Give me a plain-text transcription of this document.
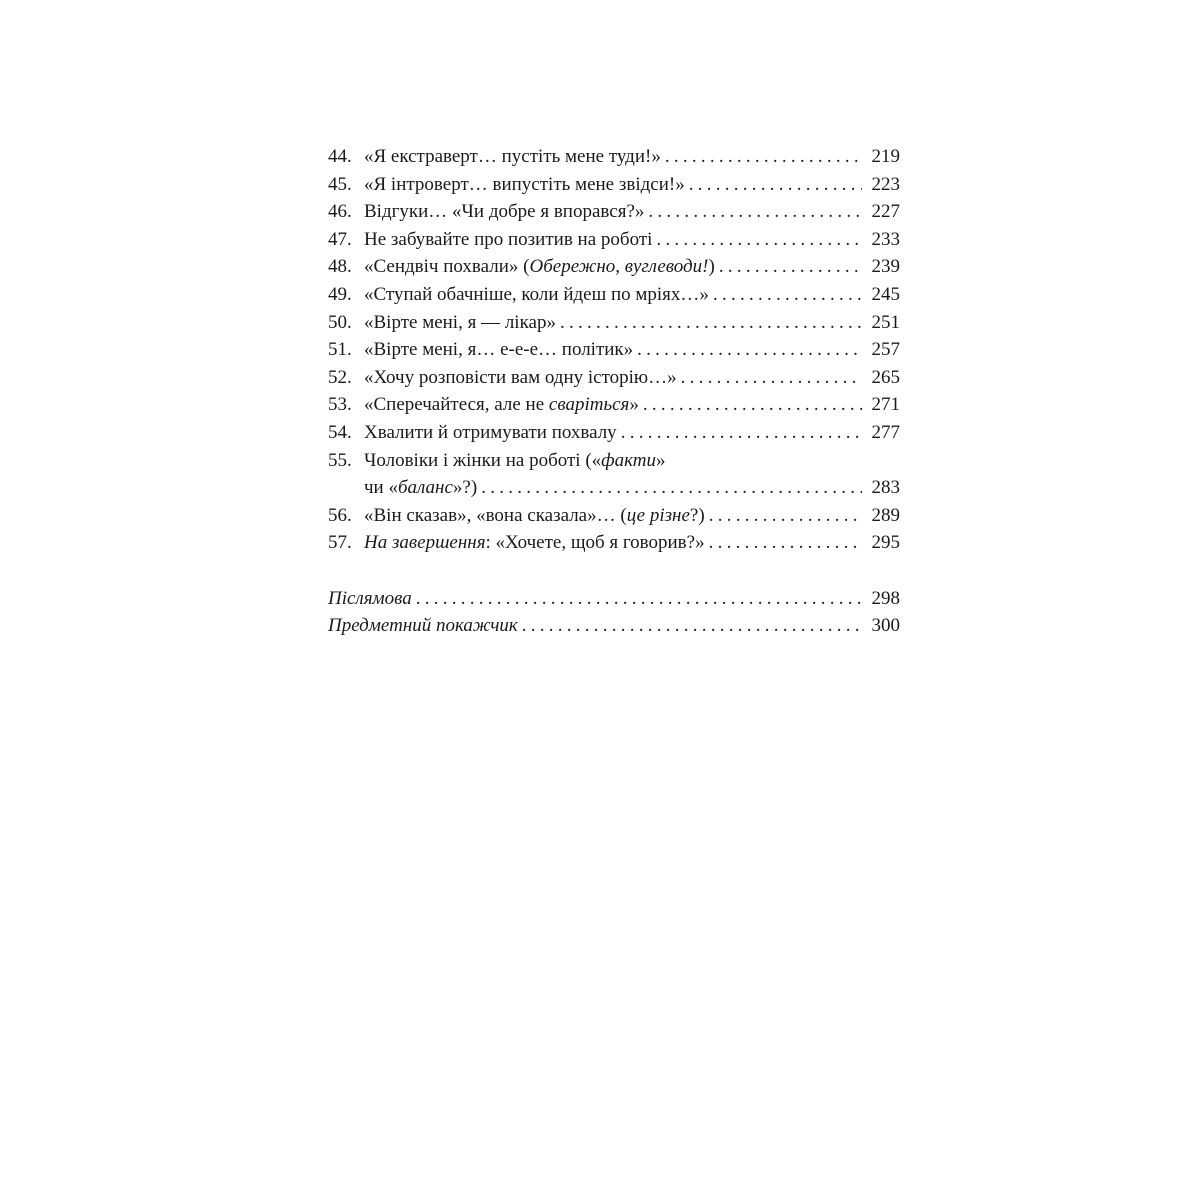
44. «Я екстраверт… пустіть мене туди!» . . .	219
45. «Я інтроверт… випустіть мене звідси!» . . .	223
46. Відгуки… «Чи добре я впорався?» . . .	227
47. Не забувайте про позитив на роботі . . .	233
48. «Сендвіч похвали» (Обережно, вуглеводи!) . . .	239
49. «Ступай обачніше, коли йдеш по мріях…» . . .	245
50. «Вірте мені, я — лікар» . . .	251
51. «Вірте мені, я… е-е-е… політик» . . .	257
52. «Хочу розповісти вам одну історію…» . . .	265
53. «Сперечайтеся, але не сваріться» . . .	271
54. Хвалити й отримувати похвалу . . .	277
55. Чоловіки і жінки на роботі («факти»
чи «баланс»?) . . .	283
56. «Він сказав», «вона сказала»… (це різне?) . . .	289
57. На завершення: «Хочете, щоб я говорив?» . . .	295
Післямова . . .	298
Предметний покажчик . . .	300
